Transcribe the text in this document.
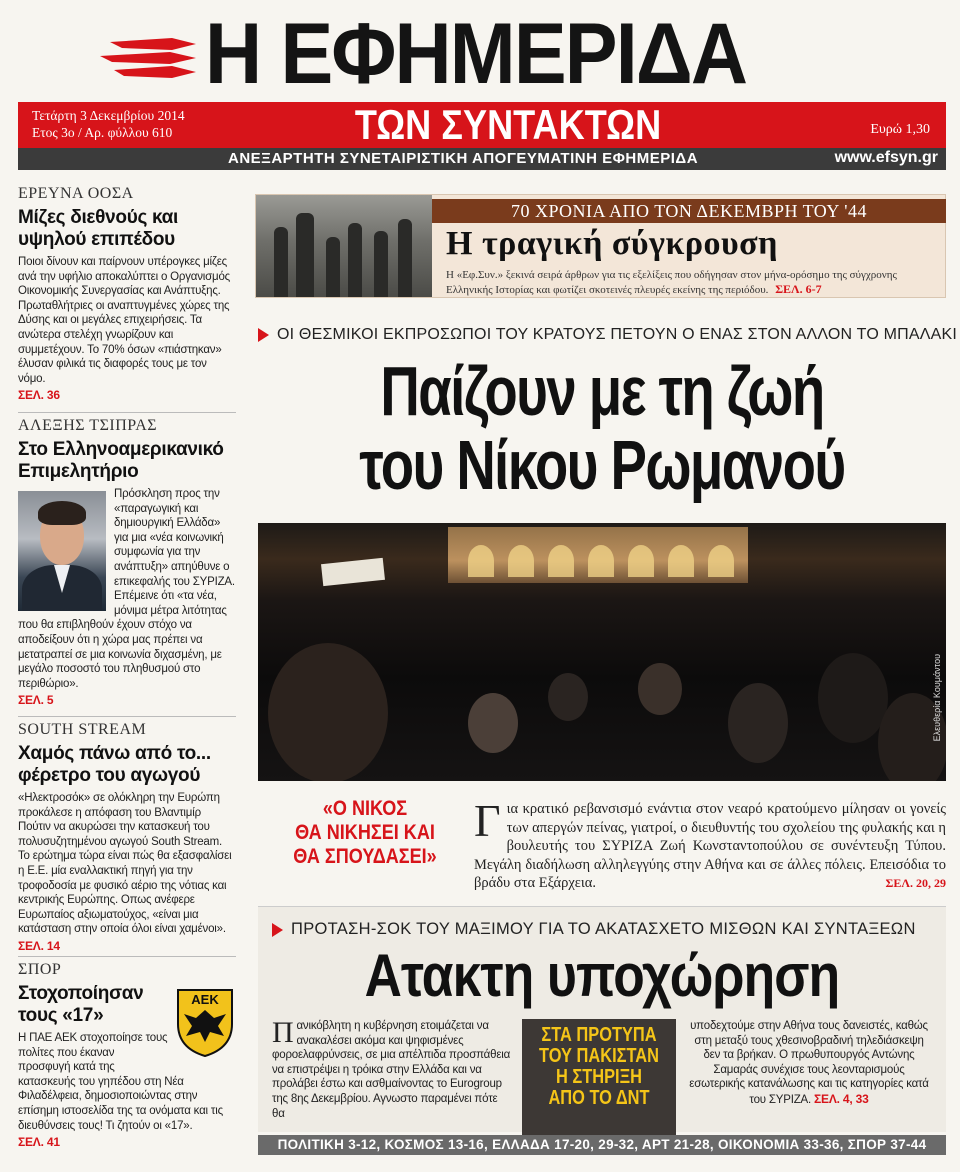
Η ΕΦΗΜΕΡΙΔΑ
Τετάρτη 3 Δεκεμβρίου 2014
Ετος 3ο / Αρ. φύλλου 610	ΤΩΝ ΣΥΝΤΑΚΤΩΝ	Ευρώ 1,30
ΑΝΕΞΑΡΤΗΤΗ ΣΥΝΕΤΑΙΡΙΣΤΙΚΗ ΑΠΟΓΕΥΜΑΤΙΝΗ ΕΦΗΜΕΡΙΔΑ	www.efsyn.gr
ΕΡΕΥΝΑ ΟΟΣΑ
Μίζες διεθνούς και υψηλού επιπέδου
Ποιοι δίνουν και παίρνουν υπέρογκες μίζες ανά την υφήλιο αποκαλύπτει ο Οργανισμός Οικονομικής Συνεργασίας και Ανάπτυξης. Πρωταθλήτριες οι αναπτυγμένες χώρες της Δύσης και οι μεγάλες επιχειρήσεις. Τα ανώτερα στελέχη γνωρίζουν και συμμετέχουν. Το 70% όσων «πιάστηκαν» έλυσαν φιλικά τις διαφορές τους με τον νόμο.
ΣΕΛ. 36
ΑΛΕΞΗΣ ΤΣΙΠΡΑΣ
Στο Ελληνοαμερικανικό Επιμελητήριο
Πρόσκληση προς την «παραγωγική και δημιουργική Ελλάδα» για μια «νέα κοινωνική συμφωνία για την ανάπτυξη» απηύθυνε ο επικεφαλής του ΣΥΡΙΖΑ. Επέμεινε ότι «τα νέα, μόνιμα μέτρα λιτότητας που θα επιβληθούν έχουν στόχο να αποδείξουν ότι η χώρα μας πρέπει να μετατραπεί σε μια κοινωνία διχασμένη, με μεγάλο ποσοστό του πληθυσμού στο περιθώριο».
ΣΕΛ. 5
SOUTH STREAM
Χαμός πάνω από το... φέρετρο του αγωγού
«Ηλεκτροσόκ» σε ολόκληρη την Ευρώπη προκάλεσε η απόφαση του Βλαντιμίρ Πούτιν να ακυρώσει την κατασκευή του πολυσυζητημένου αγωγού South Stream. Το ερώτημα τώρα είναι πώς θα εξασφαλίσει η Ε.Ε. μία εναλλακτική πηγή για την τροφοδοσία με φυσικό αέριο της νότιας και κεντρικής Ευρώπης. Οπως ανέφερε Ευρωπαίος αξιωματούχος, «είναι μια κατάσταση στην οποία όλοι είναι χαμένοι».
ΣΕΛ. 14
ΣΠΟΡ
ΑΕΚ
Στοχοποίησαν τους «17»
Η ΠΑΕ ΑΕΚ στοχοποίησε τους πολίτες που έκαναν προσφυγή κατά της κατασκευής του γηπέδου στη Νέα Φιλαδέλφεια, δημοσιοποιώντας στην επίσημη ιστοσελίδα της τα ονόματα και τις διευθύνσεις τους! Τι ζητούν οι «17».
ΣΕΛ. 41
70 ΧΡΟΝΙΑ ΑΠΟ ΤΟΝ ΔΕΚΕΜΒΡΗ ΤΟΥ '44
Η τραγική σύγκρουση
Η «Εφ.Συν.» ξεκινά σειρά άρθρων για τις εξελίξεις που οδήγησαν στον μήνα-ορόσημο της σύγχρονης Ελληνικής Ιστορίας και φωτίζει σκοτεινές πλευρές εκείνης της περιόδου. ΣΕΛ. 6-7
ΟΙ ΘΕΣΜΙΚΟΙ ΕΚΠΡΟΣΩΠΟΙ ΤΟΥ ΚΡΑΤΟΥΣ ΠΕΤΟΥΝ Ο ΕΝΑΣ ΣΤΟΝ ΑΛΛΟΝ ΤΟ ΜΠΑΛΑΚΙ
Παίζουν με τη ζωή
του Νίκου Ρωμανού
Ελευθερία Κουμάντου
«Ο ΝΙΚΟΣ
ΘΑ ΝΙΚΗΣΕΙ ΚΑΙ
ΘΑ ΣΠΟΥΔΑΣΕΙ»
Για κρατικό ρεβανσισμό ενάντια στον νεαρό κρατούμενο μίλησαν οι γονείς των απεργών πείνας, γιατροί, ο διευθυντής του σχολείου της φυλακής και η βουλευτής του ΣΥΡΙΖΑ Ζωή Κωνσταντοπούλου σε συνέντευξη Τύπου. Μεγάλη διαδήλωση αλληλεγγύης στην Αθήνα και σε άλλες πόλεις. Επεισόδια το βράδυ στα Εξάρχεια.	ΣΕΛ. 20, 29
ΠΡΟΤΑΣΗ-ΣΟΚ ΤΟΥ ΜΑΞΙΜΟΥ ΓΙΑ ΤΟ ΑΚΑΤΑΣΧΕΤΟ ΜΙΣΘΩΝ ΚΑΙ ΣΥΝΤΑΞΕΩΝ
Ατακτη υποχώρηση
Πανικόβλητη η κυβέρνηση ετοιμάζεται να ανακαλέσει ακόμα και ψηφισμένες φοροελαφρύνσεις, σε μια απέλπιδα προσπάθεια να επιστρέψει η τρόικα στην Ελλάδα και να προλάβει έστω και ασθμαίνοντας το Eurogroup της 8ης Δεκεμβρίου. Αγνωστο παραμένει πότε θα
ΣΤΑ ΠΡΟΤΥΠΑ
ΤΟΥ ΠΑΚΙΣΤΑΝ
Η ΣΤΗΡΙΞΗ
ΑΠΟ ΤΟ ΔΝΤ
υποδεχτούμε στην Αθήνα τους δανειστές, καθώς στη μεταξύ τους χθεσινοβραδινή τηλεδιάσκεψη δεν τα βρήκαν. Ο πρωθυπουργός Αντώνης Σαμαράς συνέχισε τους λεονταρισμούς εσωτερικής κατανάλωσης και τις κατηγορίες κατά του ΣΥΡΙΖΑ. ΣΕΛ. 4, 33
ΠΟΛΙΤΙΚΗ 3-12, ΚΟΣΜΟΣ 13-16, ΕΛΛΑΔΑ 17-20, 29-32, ΑΡΤ 21-28, ΟΙΚΟΝΟΜΙΑ 33-36, ΣΠΟΡ 37-44
